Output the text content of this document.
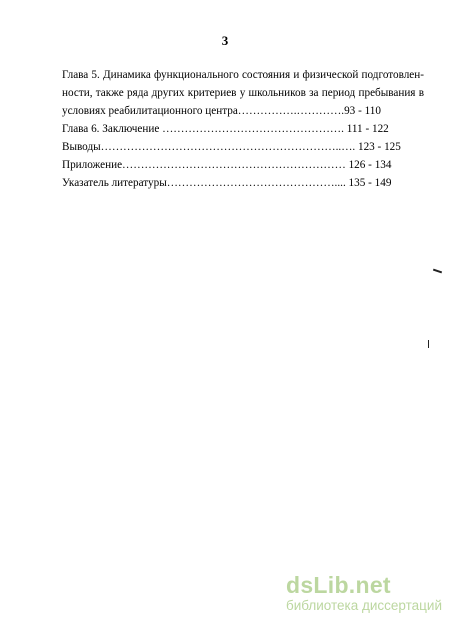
3
Глава 5. Динамика функционального состояния и физической подготовлен-
ности, также ряда других критериев у школьников за период пребывания в
условиях реабилитационного центра…………….………….93 - 110
Глава 6. Заключение …………………………………………. 111 - 122
Выводы………………………………………………………..…. 123 - 125
Приложение…………………………………………………… 126 - 134
Указатель литературы……………………………………….... 135 - 149
dsLib.net
библиотека диссертаций
